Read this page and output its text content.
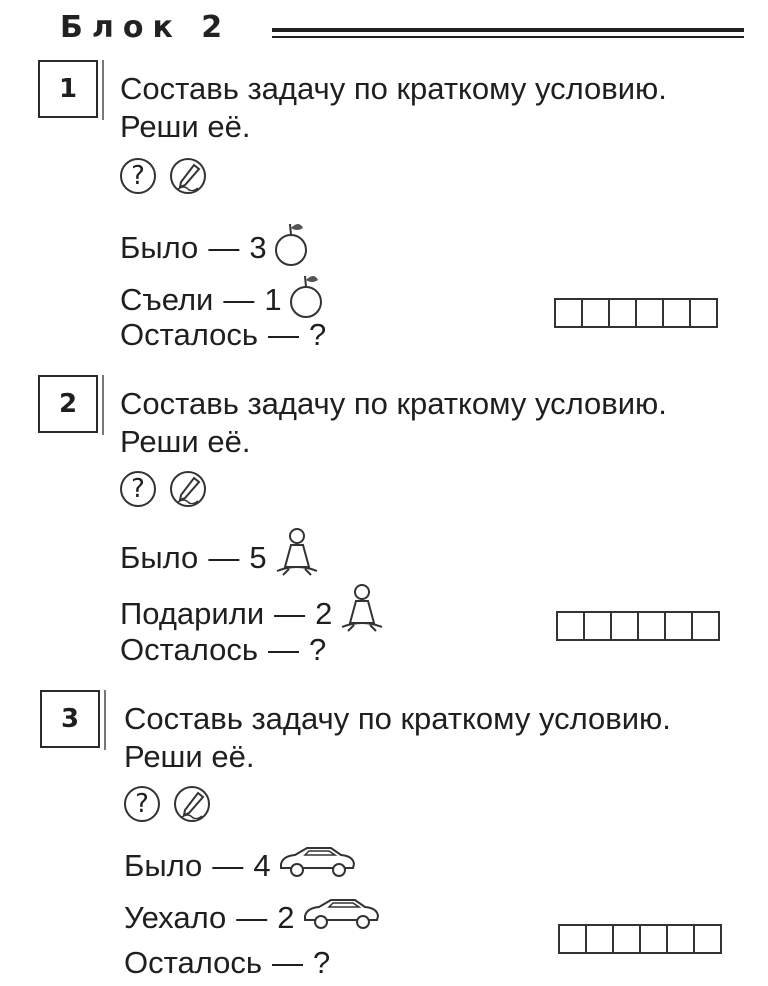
Блок 2
1	Составь задачу по краткому условию.
Реши её.
?
Было — 3
Съели — 1
Осталось — ?
2	Составь задачу по краткому условию.
Реши её.
?
Было — 5
Подарили — 2
Осталось — ?
3	Составь задачу по краткому условию.
Реши её.
?
Было — 4
Уехало — 2
Осталось — ?
